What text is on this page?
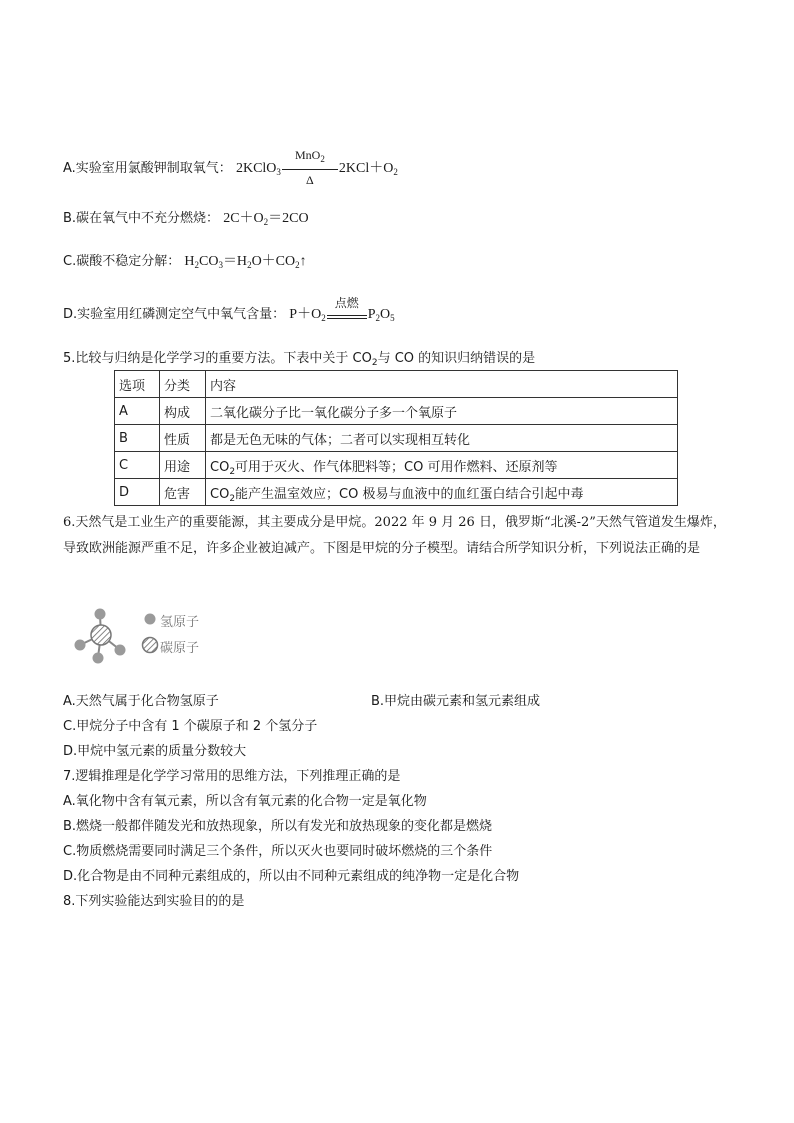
A.实验室用氯酸钾制取氧气： 2KClO$_3$ $\frac{MnO_2}{\Delta} 2KCl+O_2$
B.碳在氧气中不充分燃烧： $2C+O_2=2CO$
C.碳酸不稳定分解： $H_2CO_3=H_2O+CO_2↑$
D.实验室用红磷测定空气中氧气含量： $P+O_2$
点燃
$P_2O_5$
5.比较与归纳是化学学习的重要方法。下表中关于 $CO_2$与 CO 的知识归纳错误的是
选项	分类	内容
A	构成	二氧化碳分子比一氧化碳分子多一个氧原子
B	性质	都是无色无味的气体；二者可以实现相互转化
C	用途	$CO_2$可用于灭火、作气体肥料等；CO 可用作燃料、还原剂等
D	危害	$CO_2$能产生温室效应；CO 极易与血液中的血红蛋白结合引起中毒
6.天然气是工业生产的重要能源，其主要成分是甲烷。2022 年 9 月 26 日，俄罗斯“北溪-2”天然气管道发生爆炸，导致欧洲能源严重不足，许多企业被迫减产。下图是甲烷的分子模型。请结合所学知识分析，下列说法正确的是
氢原子
碳原子
A.天然气属于化合物氢原子	B.甲烷由碳元素和氢元素组成
C.甲烷分子中含有 1 个碳原子和 2 个氢分子
D.甲烷中氢元素的质量分数较大
7.逻辑推理是化学学习常用的思维方法，下列推理正确的是
A.氧化物中含有氧元素，所以含有氧元素的化合物一定是氧化物
B.燃烧一般都伴随发光和放热现象，所以有发光和放热现象的变化都是燃烧
C.物质燃烧需要同时满足三个条件，所以灭火也要同时破坏燃烧的三个条件
D.化合物是由不同种元素组成的，所以由不同种元素组成的纯净物一定是化合物
8.下列实验能达到实验目的的是
